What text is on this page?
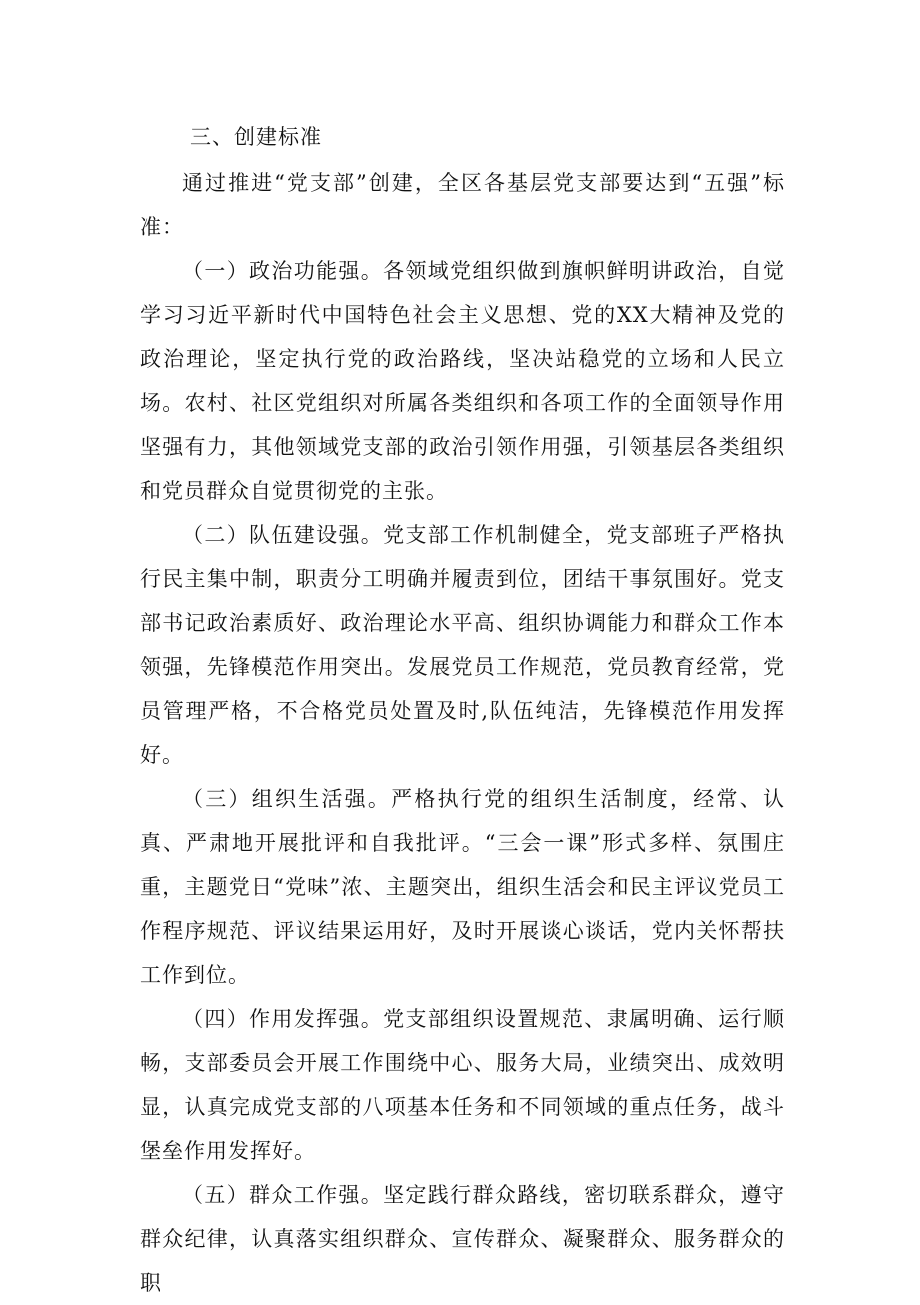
三、创建标准

通过推进“党支部”创建，全区各基层党支部要达到“五强”标准：

（一）政治功能强。各领域党组织做到旗帜鲜明讲政治，自觉学习习近平新时代中国特色社会主义思想、党的XX大精神及党的政治理论，坚定执行党的政治路线，坚决站稳党的立场和人民立场。农村、社区党组织对所属各类组织和各项工作的全面领导作用坚强有力，其他领域党支部的政治引领作用强，引领基层各类组织和党员群众自觉贯彻党的主张。

（二）队伍建设强。党支部工作机制健全，党支部班子严格执行民主集中制，职责分工明确并履责到位，团结干事氛围好。党支部书记政治素质好、政治理论水平高、组织协调能力和群众工作本领强，先锋模范作用突出。发展党员工作规范，党员教育经常，党员管理严格，不合格党员处置及时,队伍纯洁，先锋模范作用发挥好。

（三）组织生活强。严格执行党的组织生活制度，经常、认真、严肃地开展批评和自我批评。“三会一课”形式多样、氛围庄重，主题党日“党味”浓、主题突出，组织生活会和民主评议党员工作程序规范、评议结果运用好，及时开展谈心谈话，党内关怀帮扶工作到位。

（四）作用发挥强。党支部组织设置规范、隶属明确、运行顺畅，支部委员会开展工作围绕中心、服务大局，业绩突出、成效明显，认真完成党支部的八项基本任务和不同领域的重点任务，战斗堡垒作用发挥好。

（五）群众工作强。坚定践行群众路线，密切联系群众，遵守群众纪律，认真落实组织群众、宣传群众、凝聚群众、服务群众的职
